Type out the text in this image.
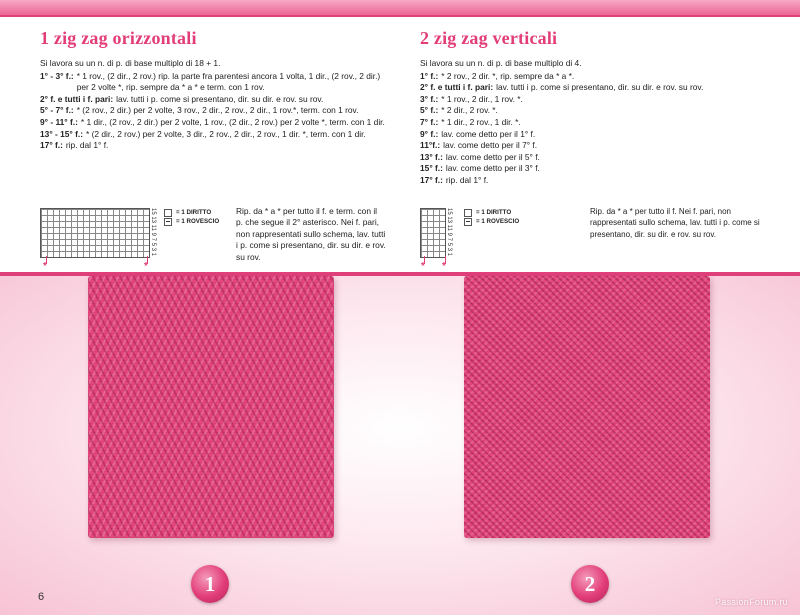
1 zig zag orizzontali

Si lavora su un n. di p. di base multiplo di 18 + 1.

1° - 3° f.: * 1 rov., (2 dir., 2 rov.) rip. la parte fra parentesi ancora 1 volta, 1 dir., (2 rov., 2 dir.) per 2 volte *, rip. sempre da * a * e term. con 1 rov.
2° f. e tutti i f. pari: lav. tutti i p. come si presentano, dir. su dir. e rov. su rov.
5° - 7° f.: * (2 rov., 2 dir.) per 2 volte, 3 rov., 2 dir., 2 rov., 2 dir., 1 rov.*, term. con 1 rov.
9° - 11° f.: * 1 dir., (2 rov., 2 dir.) per 2 volte, 1 rov., (2 dir., 2 rov.) per 2 volte *, term. con 1 dir.
13° - 15° f.: * (2 dir., 2 rov.) per 2 volte, 3 dir., 2 rov., 2 dir., 2 rov., 1 dir. *, term. con 1 dir.
17° f.: rip. dal 1° f.
15 13 11 9 7 5 3 1
*	*
= 1 DIRITTO
= 1 ROVESCIO
Rip. da * a * per tutto il f. e term. con il p. che segue il 2° asterisco. Nei f. pari, non rappresentati sullo schema, lav. tutti i p. come si presentano, dir. su dir. e rov. su rov.
2 zig zag verticali

Si lavora su un n. di p. di base multiplo di 4.

1° f.: * 2 rov., 2 dir. *, rip. sempre da * a *.
2° f. e tutti i f. pari: lav. tutti i p. come si presentano, dir. su dir. e rov. su rov.
3° f.: * 1 rov., 2 dir., 1 rov. *.
5° f.: * 2 dir., 2 rov. *.
7° f.: * 1 dir., 2 rov., 1 dir. *.
9° f.: lav. come detto per il 1° f.
11°f.: lav. come detto per il 7° f.
13° f.: lav. come detto per il 5° f.
15° f.: lav. come detto per il 3° f.
17° f.: rip. dal 1° f.
15 13 11 9 7 5 3 1
* *
= 1 DIRITTO
= 1 ROVESCIO
Rip. da * a * per tutto il f. Nei f. pari, non rappresentati sullo schema, lav. tutti i p. come si presentano, dir. su dir. e rov. su rov.
1	2
6	PassionForum.ru
